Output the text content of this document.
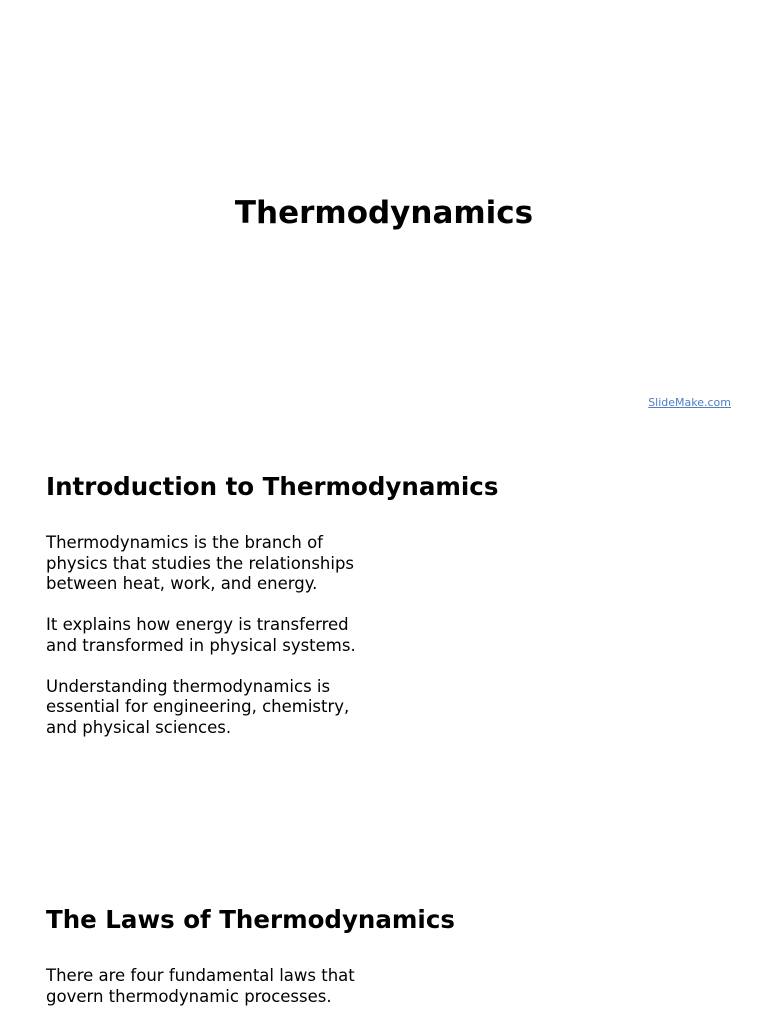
Thermodynamics
SlideMake.com
Introduction to Thermodynamics

Thermodynamics is the branch of physics that studies the relationships between heat, work, and energy.

It explains how energy is transferred and transformed in physical systems.

Understanding thermodynamics is essential for engineering, chemistry, and physical sciences.

The Laws of Thermodynamics

There are four fundamental laws that govern thermodynamic processes.
